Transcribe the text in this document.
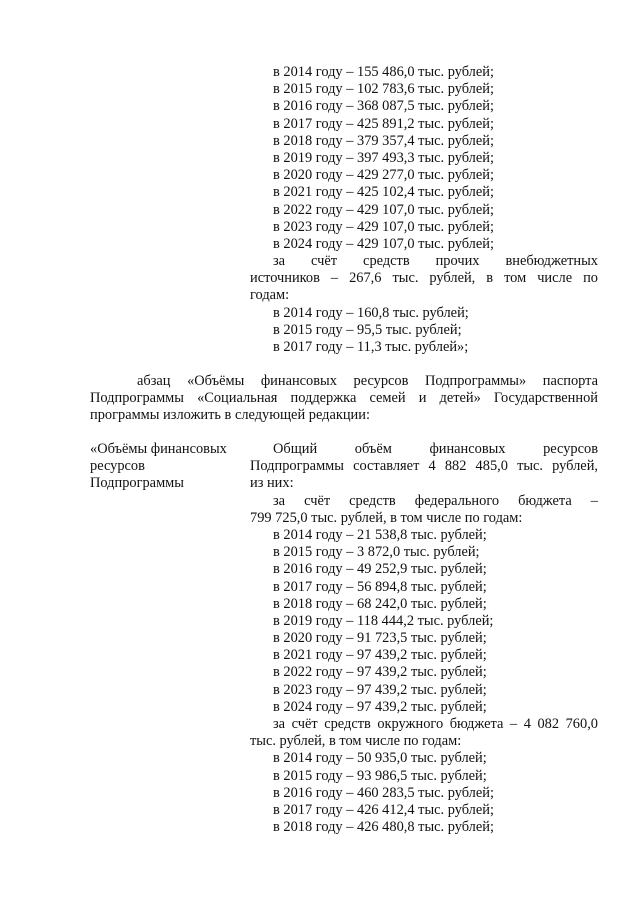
в 2014 году – 155 486,0 тыс. рублей;
в 2015 году – 102 783,6 тыс. рублей;
в 2016 году – 368 087,5 тыс. рублей;
в 2017 году – 425 891,2 тыс. рублей;
в 2018 году – 379 357,4 тыс. рублей;
в 2019 году – 397 493,3 тыс. рублей;
в 2020 году – 429 277,0 тыс. рублей;
в 2021 году – 425 102,4 тыс. рублей;
в 2022 году – 429 107,0 тыс. рублей;
в 2023 году – 429 107,0 тыс. рублей;
в 2024 году – 429 107,0 тыс. рублей;
за счёт средств прочих внебюджетных
источников – 267,6 тыс. рублей, в том числе по
годам:
в 2014 году – 160,8 тыс. рублей;
в 2015 году – 95,5 тыс. рублей;
в 2017 году – 11,3 тыс. рублей»;
абзац «Объёмы финансовых ресурсов Подпрограммы» паспорта
Подпрограммы «Социальная поддержка семей и детей» Государственной
программы изложить в следующей редакции:
«Объёмы финансовых
ресурсов
Подпрограммы
Общий объём финансовых ресурсов
Подпрограммы составляет 4 882 485,0 тыс. рублей,
из них:
за счёт средств федерального бюджета –
799 725,0 тыс. рублей, в том числе по годам:
в 2014 году – 21 538,8 тыс. рублей;
в 2015 году – 3 872,0 тыс. рублей;
в 2016 году – 49 252,9 тыс. рублей;
в 2017 году – 56 894,8 тыс. рублей;
в 2018 году – 68 242,0 тыс. рублей;
в 2019 году – 118 444,2 тыс. рублей;
в 2020 году – 91 723,5 тыс. рублей;
в 2021 году – 97 439,2 тыс. рублей;
в 2022 году – 97 439,2 тыс. рублей;
в 2023 году – 97 439,2 тыс. рублей;
в 2024 году – 97 439,2 тыс. рублей;
за счёт средств окружного бюджета – 4 082 760,0
тыс. рублей, в том числе по годам:
в 2014 году – 50 935,0 тыс. рублей;
в 2015 году – 93 986,5 тыс. рублей;
в 2016 году – 460 283,5 тыс. рублей;
в 2017 году – 426 412,4 тыс. рублей;
в 2018 году – 426 480,8 тыс. рублей;
